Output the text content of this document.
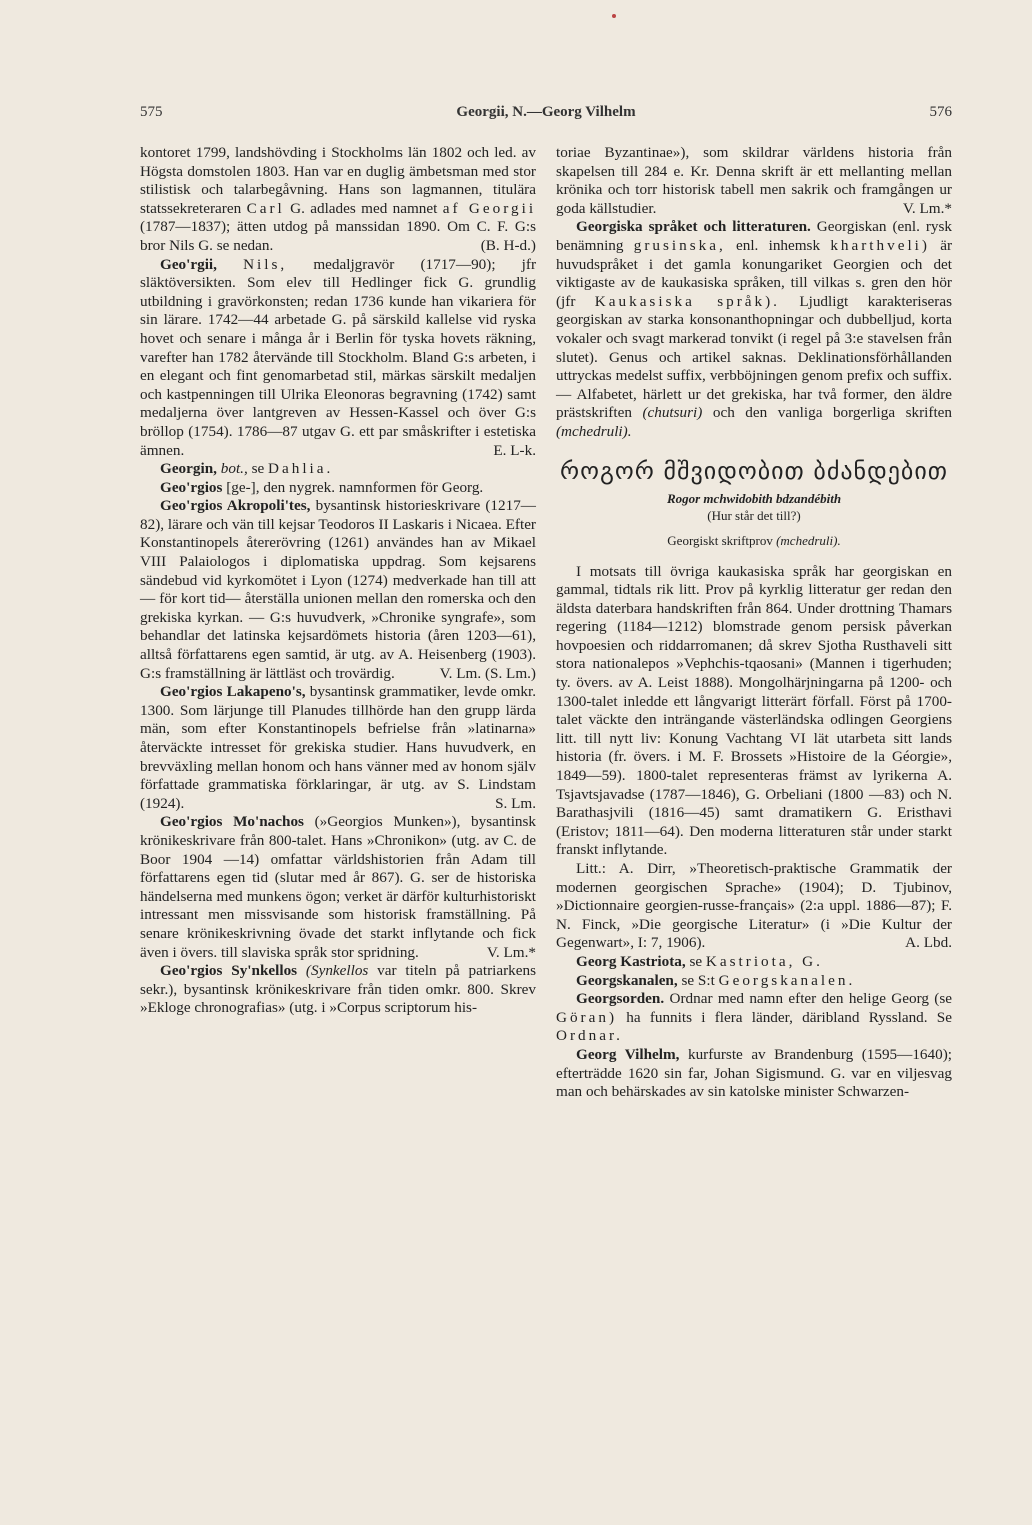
575	Georgii, N.—Georg Vilhelm	576

kontoret 1799, landshövding i Stockholms län 1802 och led. av Högsta domstolen 1803. Han var en duglig ämbetsman med stor stilistisk och talarbegåvning. Hans son lagmannen, titulära statssekreteraren Carl G. adlades med namnet af Georgii (1787—1837); ätten utdog på manssidan 1890. Om C. F. G:s bror Nils G. se nedan.	(B. H-d.)

Geo'rgii, Nils, medaljgravör (1717—90); jfr släktöversikten. Som elev till Hedlinger fick G. grundlig utbildning i gravörkonsten; redan 1736 kunde han vikariera för sin lärare. 1742—44 arbetade G. på särskild kallelse vid ryska hovet och senare i många år i Berlin för tyska hovets räkning, varefter han 1782 återvände till Stockholm. Bland G:s arbeten, i en elegant och fint genomarbetad stil, märkas särskilt medaljen och kastpenningen till Ulrika Eleonoras begravning (1742) samt medaljerna över lantgreven av Hessen-Kassel och över G:s bröllop (1754). 1786—87 utgav G. ett par småskrifter i estetiska ämnen.	E. L-k.

Georgin, bot., se Dahlia.

Geo'rgios [ge-], den nygrek. namnformen för Georg.

Geo'rgios Akropoli'tes, bysantinsk historieskrivare (1217—82), lärare och vän till kejsar Teodoros II Laskaris i Nicaea. Efter Konstantinopels återerövring (1261) användes han av Mikael VIII Palaiologos i diplomatiska uppdrag. Som kejsarens sändebud vid kyrkomötet i Lyon (1274) medverkade han till att — för kort tid— återställa unionen mellan den romerska och den grekiska kyrkan. — G:s huvudverk, »Chronike syngrafe», som behandlar det latinska kejsardömets historia (åren 1203—61), alltså författarens egen samtid, är utg. av A. Heisenberg (1903). G:s framställning är lättläst och trovärdig.	V. Lm. (S. Lm.)

Geo'rgios Lakapeno's, bysantinsk grammatiker, levde omkr. 1300. Som lärjunge till Planudes tillhörde han den grupp lärda män, som efter Konstantinopels befrielse från »latinarna» återväckte intresset för grekiska studier. Hans huvudverk, en brevväxling mellan honom och hans vänner med av honom själv författade grammatiska förklaringar, är utg. av S. Lindstam (1924).	S. Lm.

Geo'rgios Mo'nachos (»Georgios Munken»), bysantinsk krönikeskrivare från 800-talet. Hans »Chronikon» (utg. av C. de Boor 1904 —14) omfattar världshistorien från Adam till författarens egen tid (slutar med år 867). G. ser de historiska händelserna med munkens ögon; verket är därför kulturhistoriskt intressant men missvisande som historisk framställning. På senare krönikeskrivning övade det starkt inflytande och fick även i övers. till slaviska språk stor spridning.	V. Lm.*

Geo'rgios Sy'nkellos (Synkellos var titeln på patriarkens sekr.), bysantinsk krönikeskrivare från tiden omkr. 800. Skrev »Ekloge chronografias» (utg. i »Corpus scriptorum his-

toriae Byzantinae»), som skildrar världens historia från skapelsen till 284 e. Kr. Denna skrift är ett mellanting mellan krönika och torr historisk tabell men sakrik och framgången ur goda källstudier.	V. Lm.*

Georgiska språket och litteraturen. Georgiskan (enl. rysk benämning grusinska, enl. inhemsk kharthveli) är huvudspråket i det gamla konungariket Georgien och det viktigaste av de kaukasiska språken, till vilkas s. gren den hör (jfr Kaukasiska språk). Ljudligt karakteriseras georgiskan av starka konsonanthopningar och dubbelljud, korta vokaler och svagt markerad tonvikt (i regel på 3:e stavelsen från slutet). Genus och artikel saknas. Deklinationsförhållanden uttryckas medelst suffix, verbböjningen genom prefix och suffix. — Alfabetet, härlett ur det grekiska, har två former, den äldre prästskriften (chutsuri) och den vanliga borgerliga skriften (mchedruli).

როგორ მშვიდობით ბძანდებით
Rogor mchwidobith bdzandébith
(Hur står det till?)
Georgiskt skriftprov (mchedruli).

I motsats till övriga kaukasiska språk har georgiskan en gammal, tidtals rik litt. Prov på kyrklig litteratur ger redan den äldsta daterbara handskriften från 864. Under drottning Thamars regering (1184—1212) blomstrade genom persisk påverkan hovpoesien och riddarromanen; då skrev Sjotha Rusthaveli sitt stora nationalepos »Vephchis-tqaosani» (Mannen i tigerhuden; ty. övers. av A. Leist 1888). Mongolhärjningarna på 1200- och 1300-talet inledde ett långvarigt litterärt förfall. Först på 1700-talet väckte den inträngande västerländska odlingen Georgiens litt. till nytt liv: Konung Vachtang VI lät utarbeta sitt lands historia (fr. övers. i M. F. Brossets »Histoire de la Géorgie», 1849—59). 1800-talet representeras främst av lyrikerna A. Tsjavtsjavadse (1787—1846), G. Orbeliani (1800 —83) och N. Barathasjvili (1816—45) samt dramatikern G. Eristhavi (Eristov; 1811—64). Den moderna litteraturen står under starkt franskt inflytande.

Litt.: A. Dirr, »Theoretisch-praktische Grammatik der modernen georgischen Sprache» (1904); D. Tjubinov, »Dictionnaire georgien-russe-français» (2:a uppl. 1886—87); F. N. Finck, »Die georgische Literatur» (i »Die Kultur der Gegenwart», I: 7, 1906).	A. Lbd.

Georg Kastriota, se Kastriota, G.

Georgskanalen, se S:t Georgskanalen.

Georgsorden. Ordnar med namn efter den helige Georg (se Göran) ha funnits i flera länder, däribland Ryssland. Se Ordnar.

Georg Vilhelm, kurfurste av Brandenburg (1595—1640); efterträdde 1620 sin far, Johan Sigismund. G. var en viljesvag man och behärskades av sin katolske minister Schwarzen-
